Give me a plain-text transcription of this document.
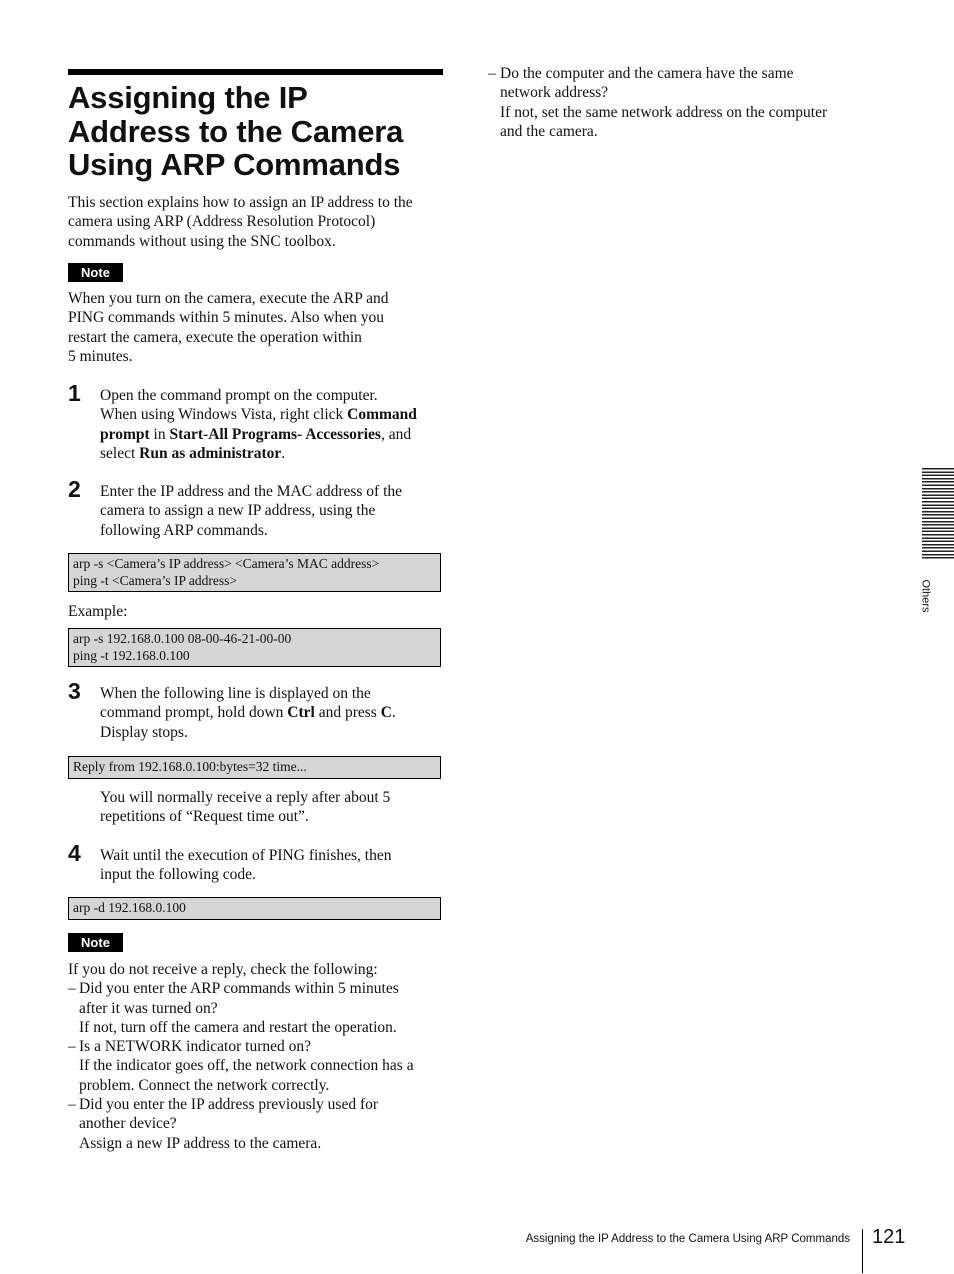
Assigning the IP
Address to the Camera
Using ARP Commands
This section explains how to assign an IP address to the
camera using ARP (Address Resolution Protocol)
commands without using the SNC toolbox.
Note
When you turn on the camera, execute the ARP and
PING commands within 5 minutes. Also when you
restart the camera, execute the operation within
5 minutes.
1 Open the command prompt on the computer.
When using Windows Vista, right click Command
prompt in Start-All Programs- Accessories, and
select Run as administrator.
2 Enter the IP address and the MAC address of the
camera to assign a new IP address, using the
following ARP commands.
arp -s <Camera’s IP address> <Camera’s MAC address>
ping -t <Camera’s IP address>
Example:
arp -s 192.168.0.100 08-00-46-21-00-00
ping -t 192.168.0.100
3 When the following line is displayed on the
command prompt, hold down Ctrl and press C.
Display stops.
Reply from 192.168.0.100:bytes=32 time...
You will normally receive a reply after about 5
repetitions of “Request time out”.
4 Wait until the execution of PING finishes, then
input the following code.
arp -d 192.168.0.100
Note
If you do not receive a reply, check the following:
– Did you enter the ARP commands within 5 minutes
after it was turned on?
If not, turn off the camera and restart the operation.
– Is a NETWORK indicator turned on?
If the indicator goes off, the network connection has a
problem. Connect the network correctly.
– Did you enter the IP address previously used for
another device?
Assign a new IP address to the camera.
– Do the computer and the camera have the same
network address?
If not, set the same network address on the computer
and the camera.
Others
Assigning the IP Address to the Camera Using ARP Commands 121
